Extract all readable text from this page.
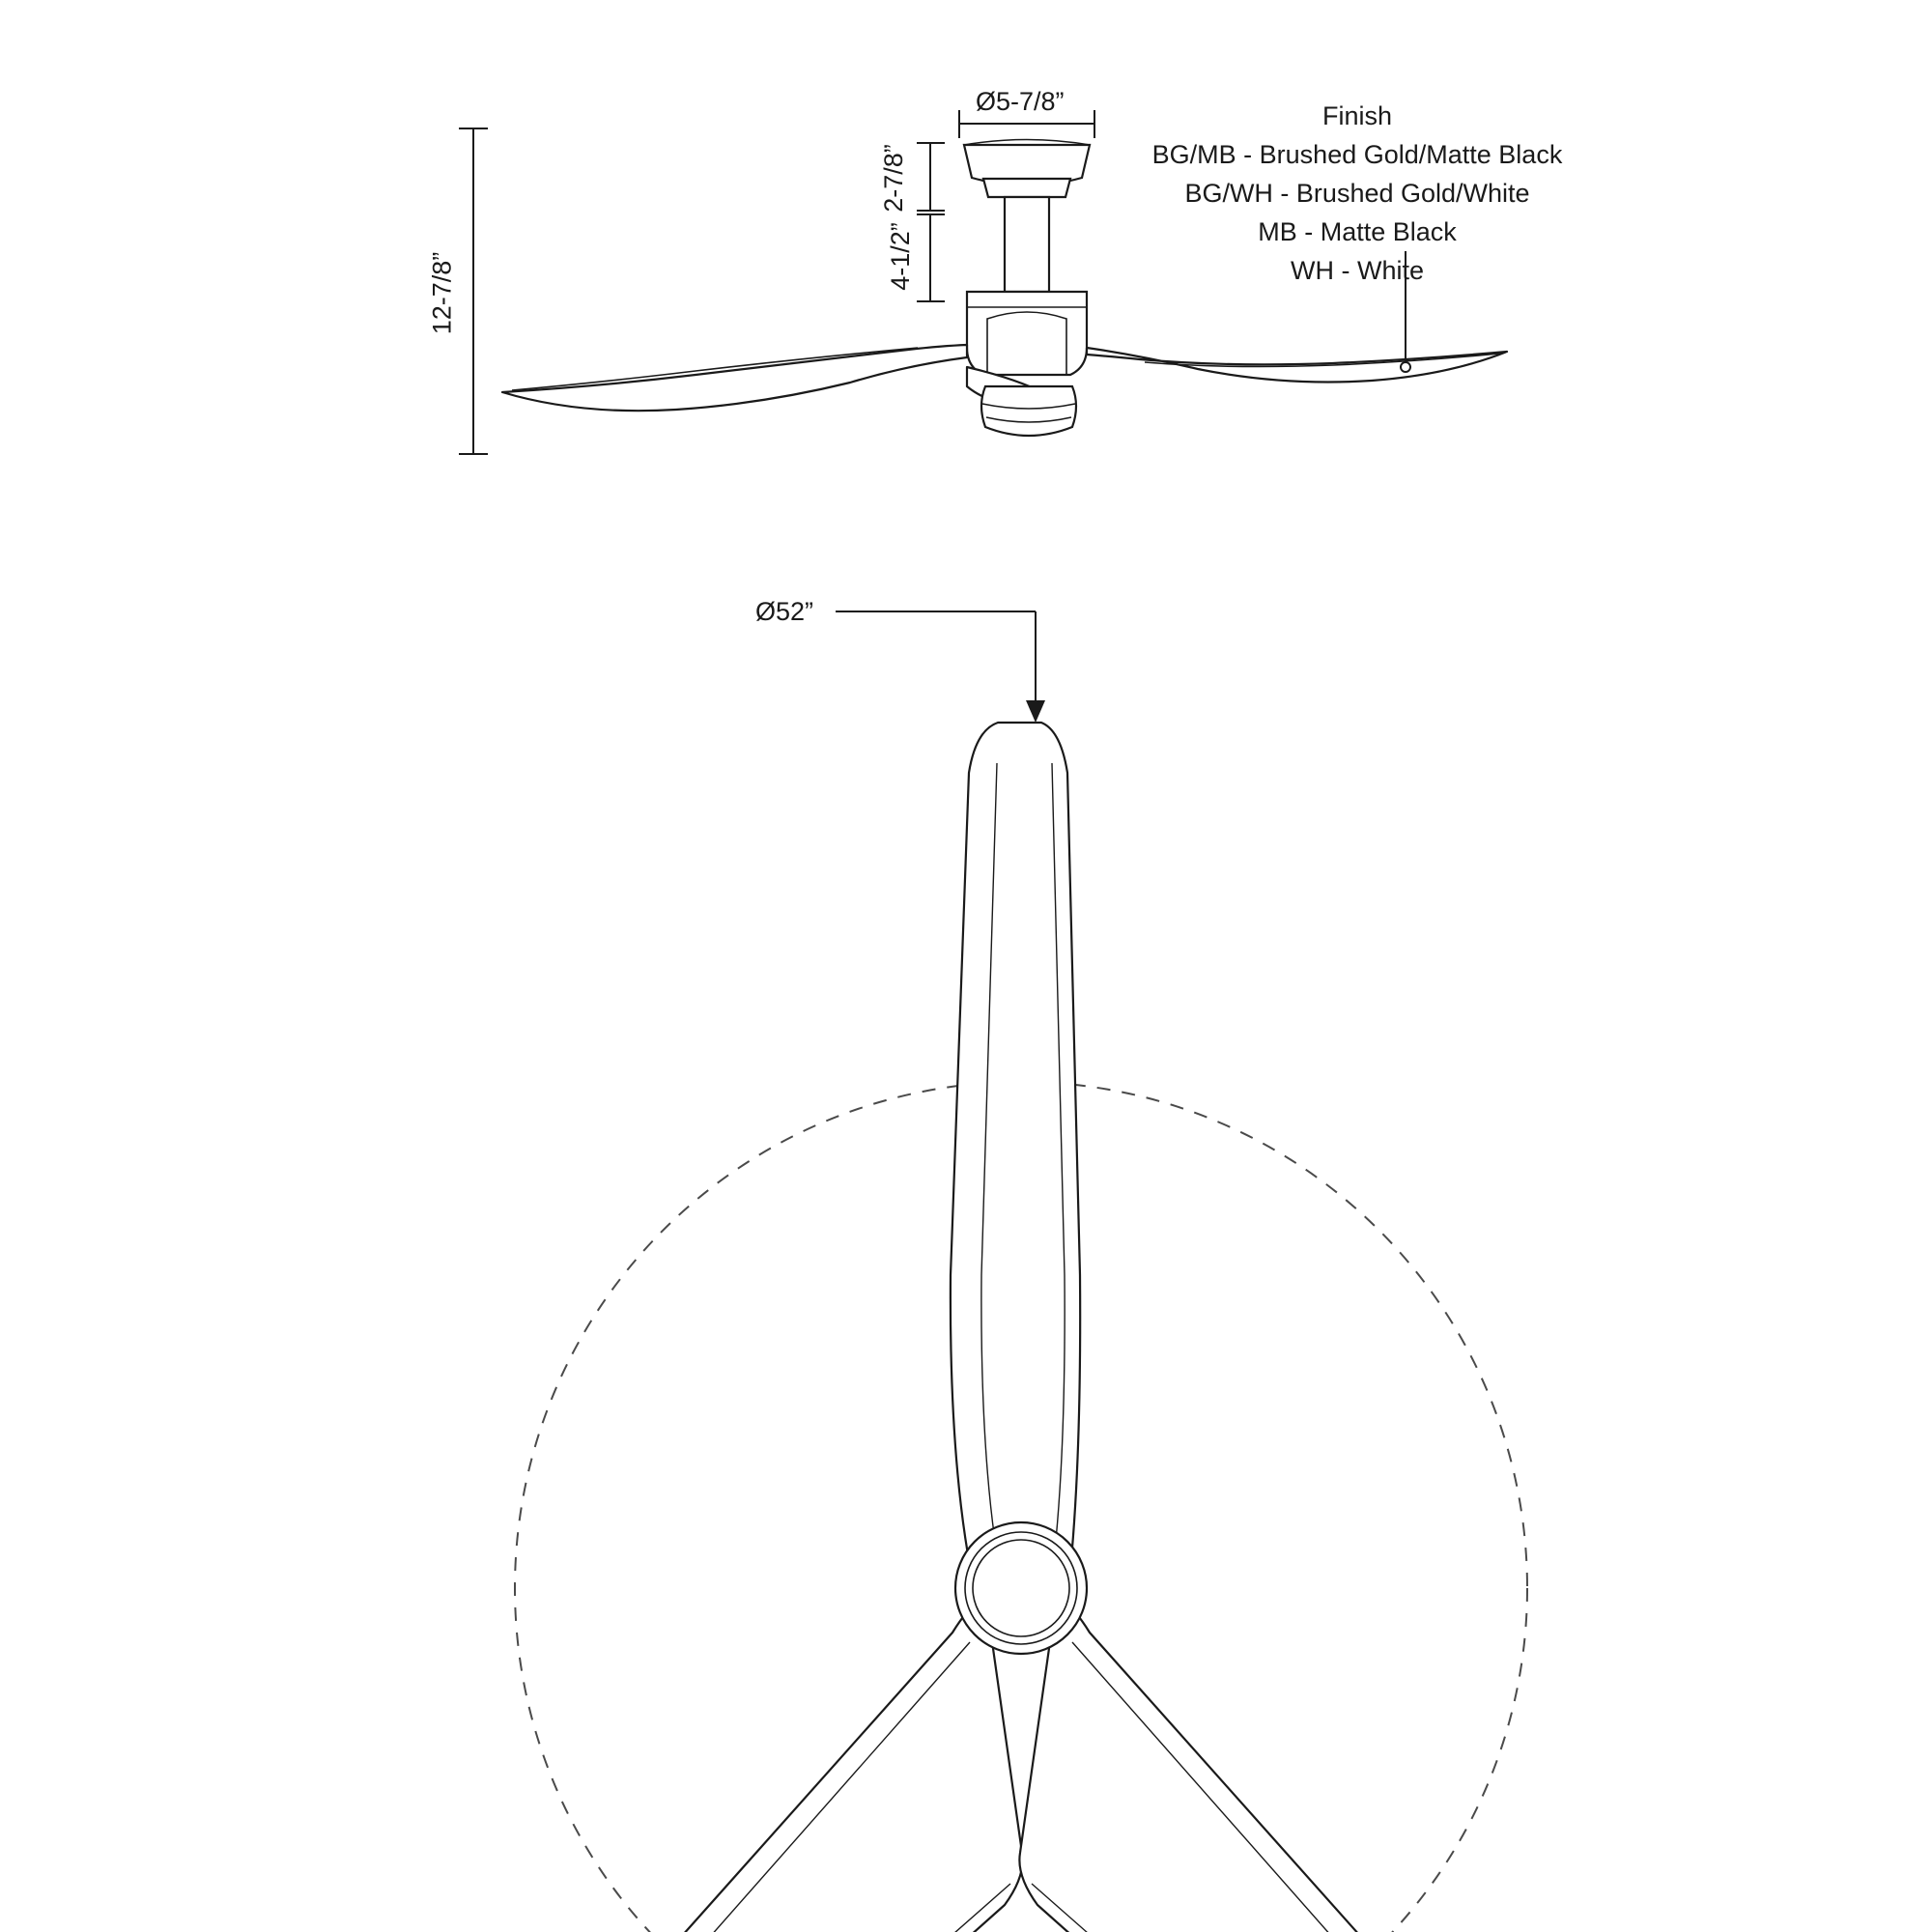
12-7/8”
Ø5-7/8”
2-7/8”
4-1/2”
Finish
BG/MB - Brushed Gold/Matte Black
BG/WH - Brushed Gold/White
MB - Matte Black
WH - White
Ø52”
